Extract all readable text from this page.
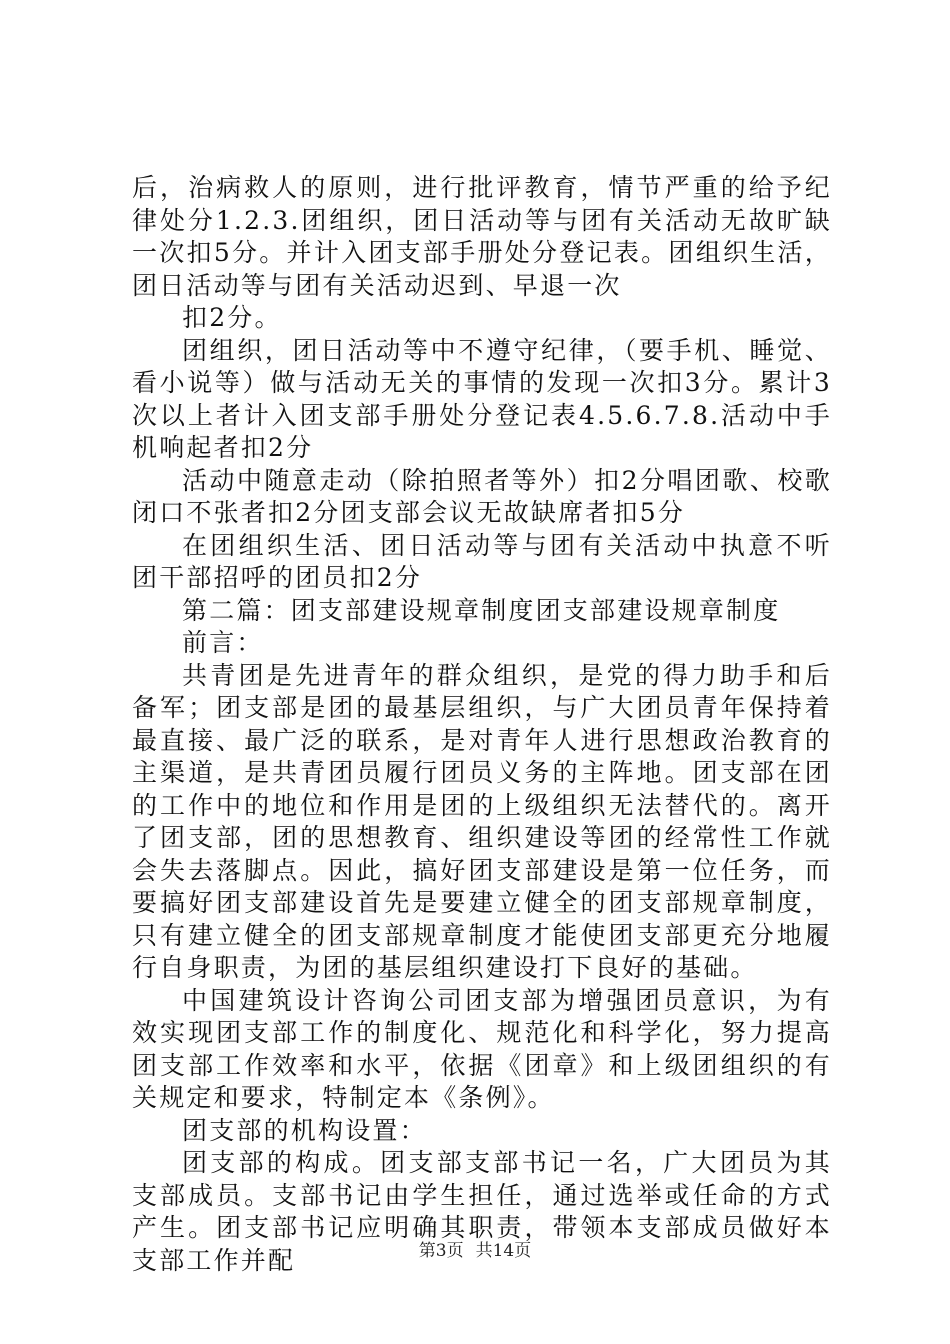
后，治病救人的原则，进行批评教育，情节严重的给予纪律处分1.2.3.团组织，团日活动等与团有关活动无故旷缺一次扣5分。并计入团支部手册处分登记表。团组织生活，团日活动等与团有关活动迟到、早退一次

扣2分。

团组织，团日活动等中不遵守纪律，（要手机、睡觉、看小说等）做与活动无关的事情的发现一次扣3分。累计3次以上者计入团支部手册处分登记表4.5.6.7.8.活动中手机响起者扣2分

活动中随意走动（除拍照者等外）扣2分唱团歌、校歌闭口不张者扣2分团支部会议无故缺席者扣5分

在团组织生活、团日活动等与团有关活动中执意不听团干部招呼的团员扣2分

第二篇：团支部建设规章制度团支部建设规章制度

前言：

共青团是先进青年的群众组织，是党的得力助手和后备军；团支部是团的最基层组织，与广大团员青年保持着最直接、最广泛的联系，是对青年人进行思想政治教育的主渠道，是共青团员履行团员义务的主阵地。团支部在团的工作中的地位和作用是团的上级组织无法替代的。离开了团支部，团的思想教育、组织建设等团的经常性工作就会失去落脚点。因此，搞好团支部建设是第一位任务，而要搞好团支部建设首先是要建立健全的团支部规章制度，只有建立健全的团支部规章制度才能使团支部更充分地履行自身职责，为团的基层组织建设打下良好的基础。

中国建筑设计咨询公司团支部为增强团员意识，为有效实现团支部工作的制度化、规范化和科学化，努力提高团支部工作效率和水平，依据《团章》和上级团组织的有关规定和要求，特制定本《条例》。

团支部的机构设置：

团支部的构成。团支部支部书记一名，广大团员为其支部成员。支部书记由学生担任，通过选举或任命的方式产生。团支部书记应明确其职责，带领本支部成员做好本支部工作并配	第3页 共14页
